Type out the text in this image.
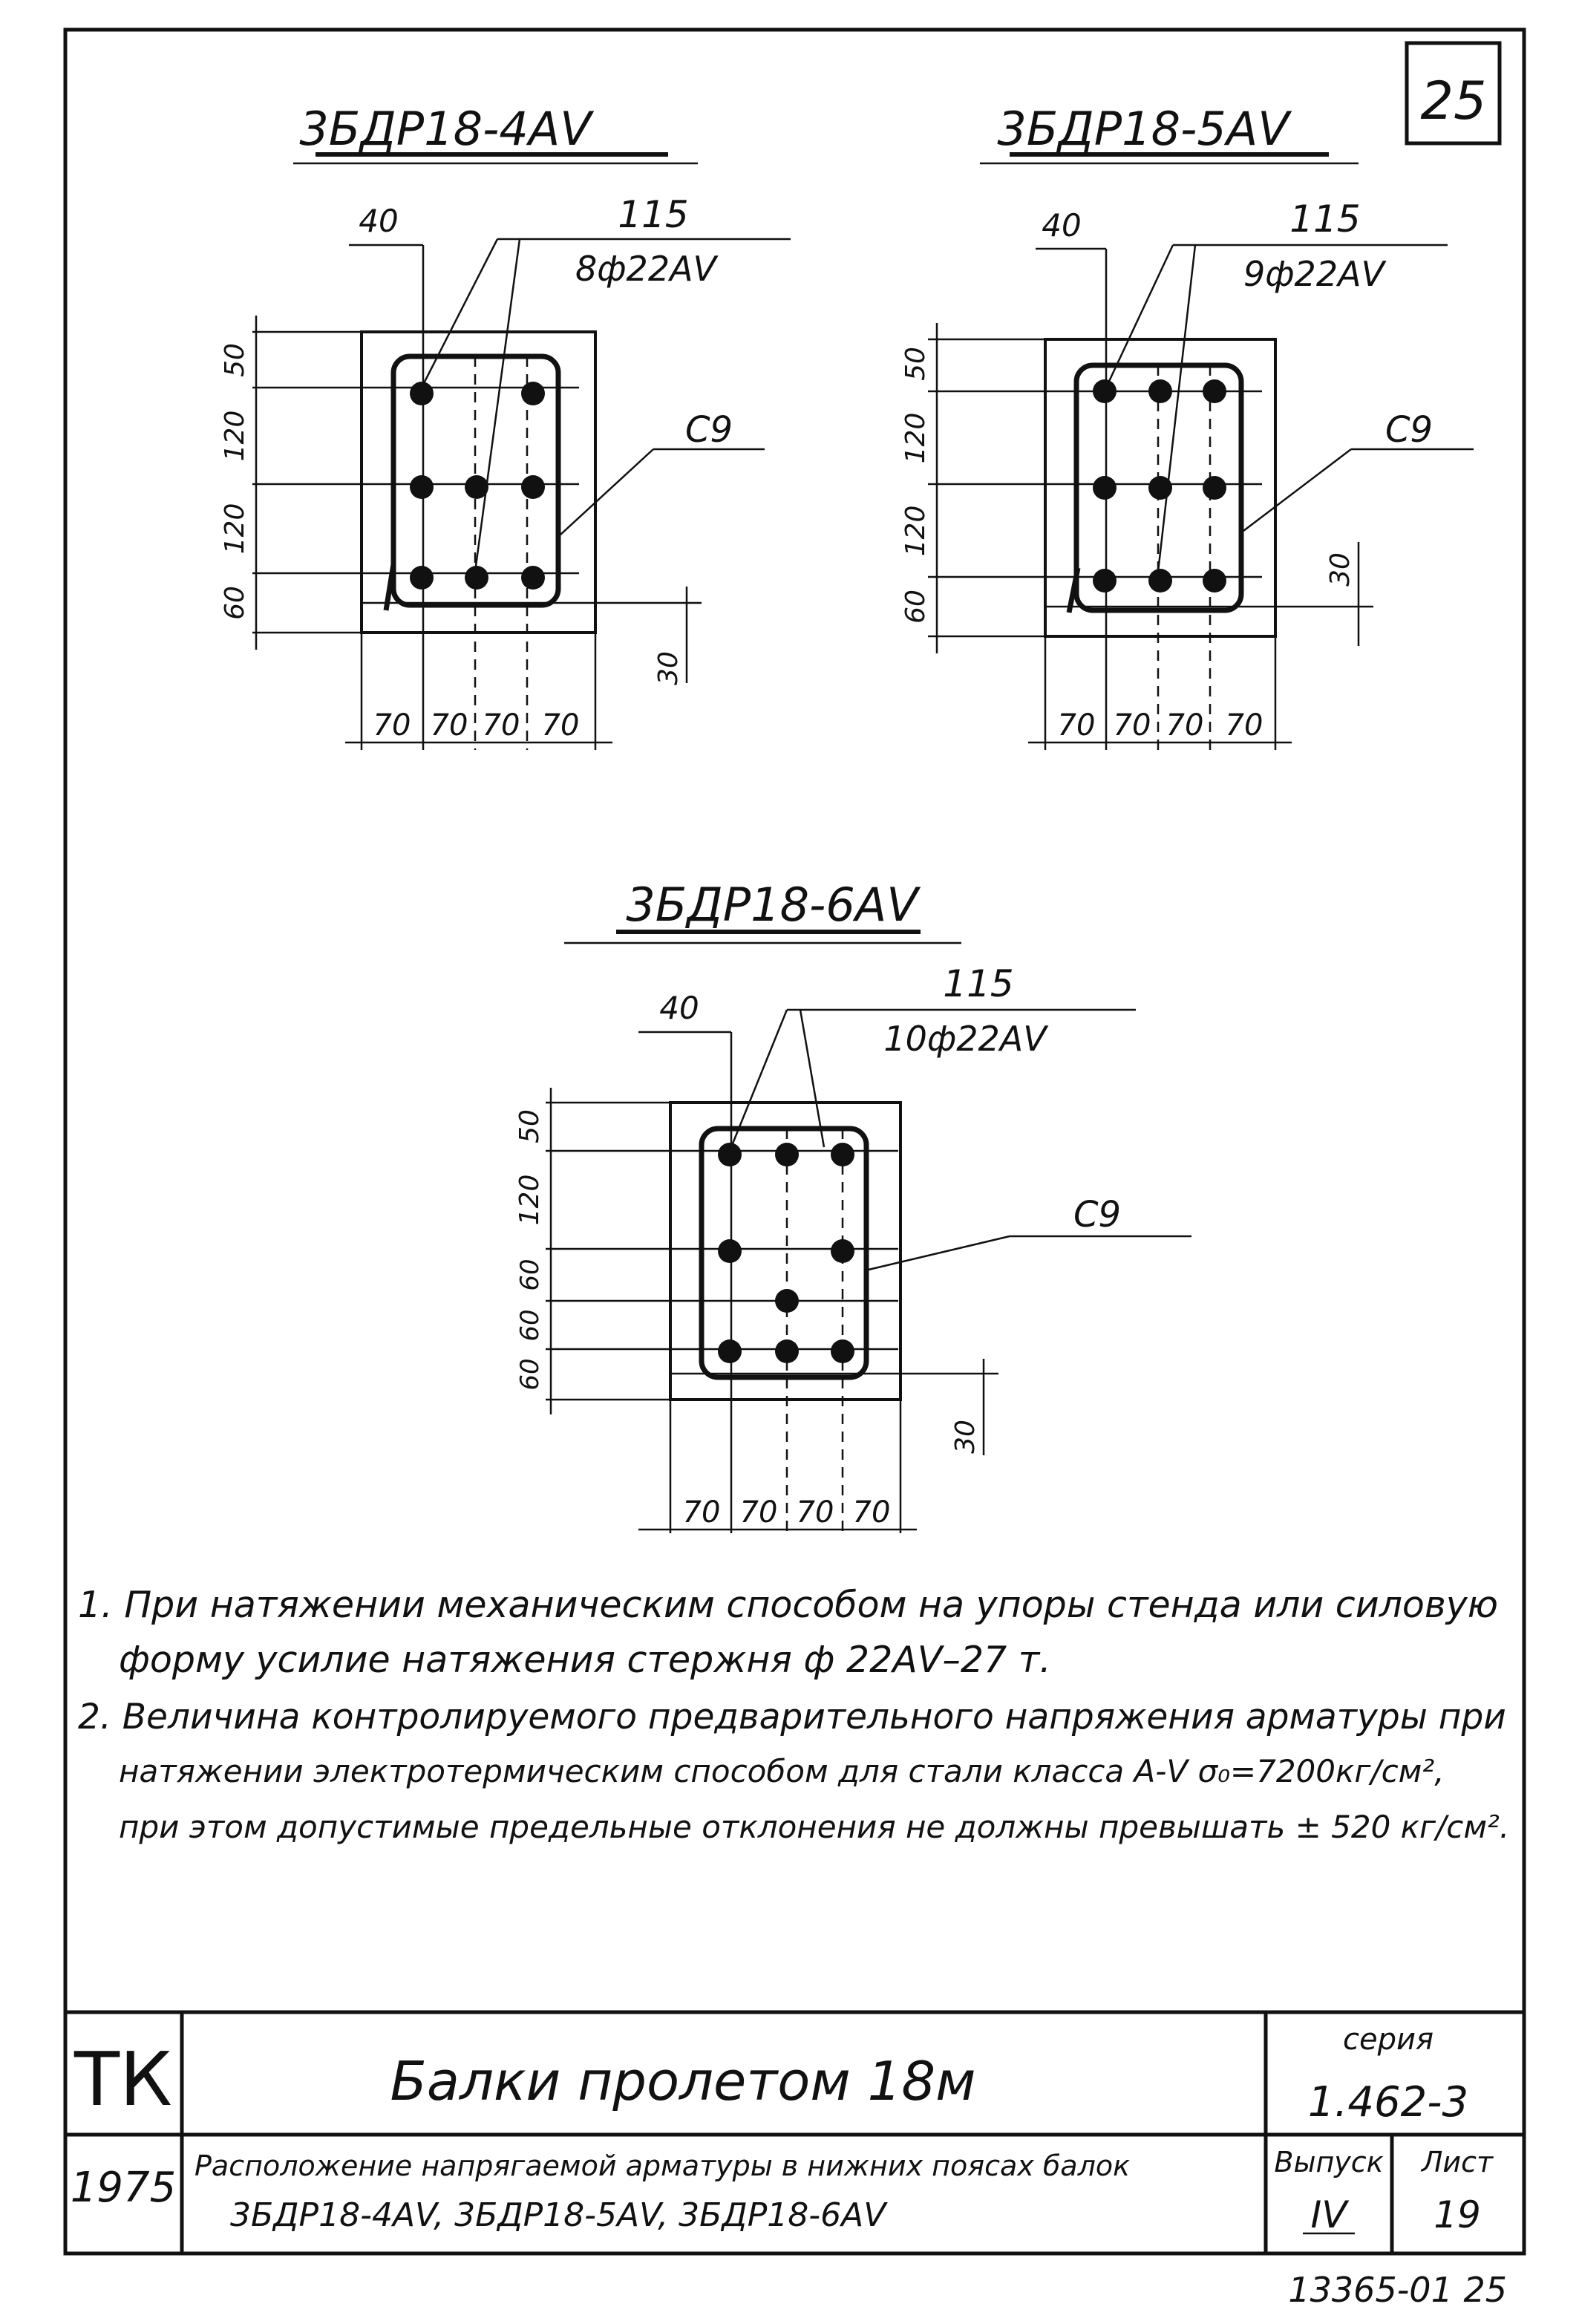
25
3БДР18-4АV
40	115
8ф22АV
С9
50
120
120
60
30
70 70 70 70
3БДР18-5АV
40	115
9ф22АV
С9
50
120
120
60
30
70 70 70 70
3БДР18-6АV
40
115
10ф22АV
С9
50
120
60
60
60
30
70 70 70 70
1. При натяжении механическим способом на упоры стенда или силовую
форму усилие натяжения стержня ф 22АV–27 т.
2. Величина контролируемого предварительного напряжения арматуры при
натяжении электротермическим способом для стали класса А-V σ₀=7200кг/см²,
при этом допустимые предельные отклонения не должны превышать ± 520 кг/см².
ТК	Балки пролетом 18м
серия
1.462-3
1975 Расположение напрягаемой арматуры в нижних поясах балок
3БДР18-4АV, 3БДР18-5АV, 3БДР18-6АV
Выпуск
IV
Лист
19
13365-01 25
